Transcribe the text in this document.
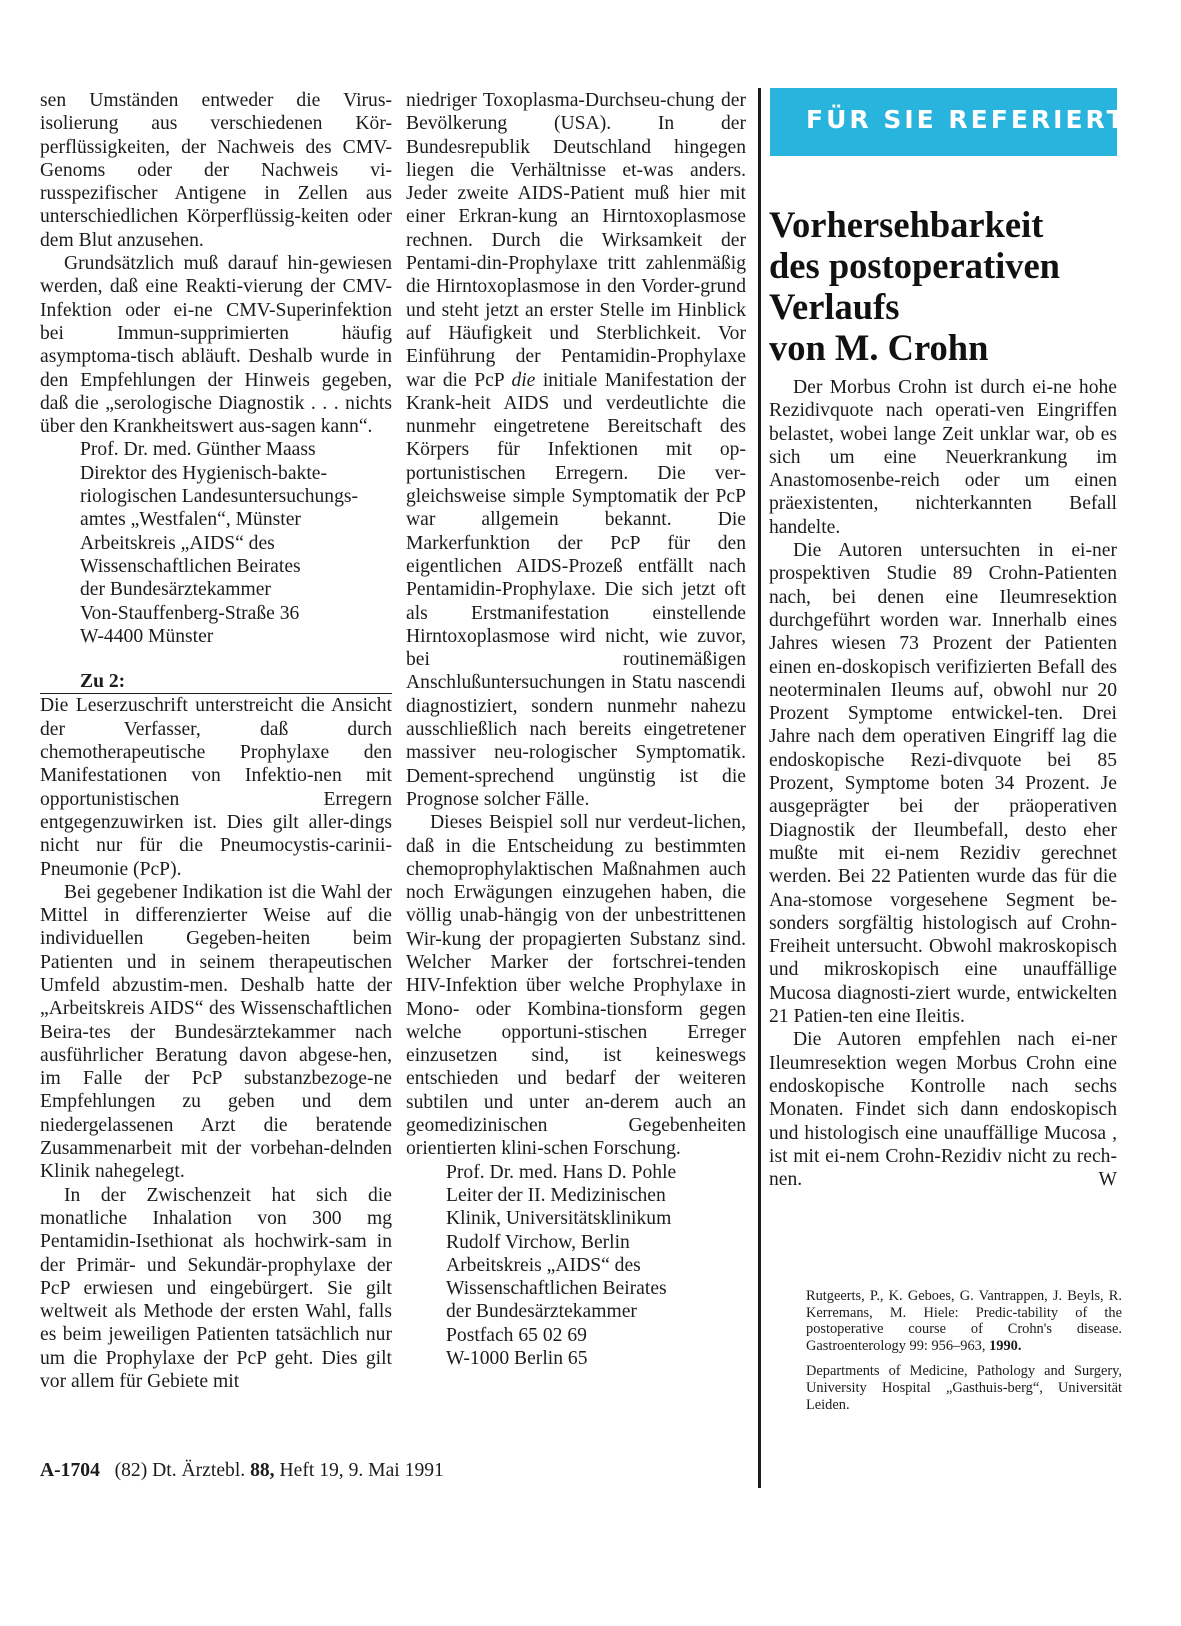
sen Umständen entweder die Virus-isolierung aus verschiedenen Kör-perflüssigkeiten, der Nachweis des CMV-Genoms oder der Nachweis vi-russpezifischer Antigene in Zellen aus unterschiedlichen Körperflüssig-keiten oder dem Blut anzusehen.

Grundsätzlich muß darauf hin-gewiesen werden, daß eine Reakti-vierung der CMV-Infektion oder ei-ne CMV-Superinfektion bei Immun-supprimierten häufig asymptoma-tisch abläuft. Deshalb wurde in den Empfehlungen der Hinweis gegeben, daß die „serologische Diagnostik . . . nichts über den Krankheitswert aus-sagen kann“.

Prof. Dr. med. Günther Maass
Direktor des Hygienisch-bakte-
riologischen Landesuntersuchungs-
amtes „Westfalen“, Münster
Arbeitskreis „AIDS“ des
Wissenschaftlichen Beirates
der Bundesärztekammer
Von-Stauffenberg-Straße 36
W-4400 Münster
Zu 2:

Die Leserzuschrift unterstreicht die Ansicht der Verfasser, daß durch chemotherapeutische Prophylaxe den Manifestationen von Infektio-nen mit opportunistischen Erregern entgegenzuwirken ist. Dies gilt aller-dings nicht nur für die Pneumocystis-carinii-Pneumonie (PcP).

Bei gegebener Indikation ist die Wahl der Mittel in differenzierter Weise auf die individuellen Gegeben-heiten beim Patienten und in seinem therapeutischen Umfeld abzustim-men. Deshalb hatte der „Arbeitskreis AIDS“ des Wissenschaftlichen Beira-tes der Bundesärztekammer nach ausführlicher Beratung davon abgese-hen, im Falle der PcP substanzbezoge-ne Empfehlungen zu geben und dem niedergelassenen Arzt die beratende Zusammenarbeit mit der vorbehan-delnden Klinik nahegelegt.

In der Zwischenzeit hat sich die monatliche Inhalation von 300 mg Pentamidin-Isethionat als hochwirk-sam in der Primär- und Sekundär-prophylaxe der PcP erwiesen und eingebürgert. Sie gilt weltweit als Methode der ersten Wahl, falls es beim jeweiligen Patienten tatsächlich nur um die Prophylaxe der PcP geht. Dies gilt vor allem für Gebiete mit

niedriger Toxoplasma-Durchseu-chung der Bevölkerung (USA). In der Bundesrepublik Deutschland hingegen liegen die Verhältnisse et-was anders. Jeder zweite AIDS-Patient muß hier mit einer Erkran-kung an Hirntoxoplasmose rechnen. Durch die Wirksamkeit der Pentami-din-Prophylaxe tritt zahlenmäßig die Hirntoxoplasmose in den Vorder-grund und steht jetzt an erster Stelle im Hinblick auf Häufigkeit und Sterblichkeit. Vor Einführung der Pentamidin-Prophylaxe war die PcP die initiale Manifestation der Krank-heit AIDS und verdeutlichte die nunmehr eingetretene Bereitschaft des Körpers für Infektionen mit op-portunistischen Erregern. Die ver-gleichsweise simple Symptomatik der PcP war allgemein bekannt. Die Markerfunktion der PcP für den eigentlichen AIDS-Prozeß entfällt nach Pentamidin-Prophylaxe. Die sich jetzt oft als Erstmanifestation einstellende Hirntoxoplasmose wird nicht, wie zuvor, bei routinemäßigen Anschlußuntersuchungen in Statu nascendi diagnostiziert, sondern nunmehr nahezu ausschließlich nach bereits eingetretener massiver neu-rologischer Symptomatik. Dement-sprechend ungünstig ist die Prognose solcher Fälle.

Dieses Beispiel soll nur verdeut-lichen, daß in die Entscheidung zu bestimmten chemoprophylaktischen Maßnahmen auch noch Erwägungen einzugehen haben, die völlig unab-hängig von der unbestrittenen Wir-kung der propagierten Substanz sind. Welcher Marker der fortschrei-tenden HIV-Infektion über welche Prophylaxe in Mono- oder Kombina-tionsform gegen welche opportuni-stischen Erreger einzusetzen sind, ist keineswegs entschieden und bedarf der weiteren subtilen und unter an-derem auch an geomedizinischen Gegebenheiten orientierten klini-schen Forschung.

Prof. Dr. med. Hans D. Pohle
Leiter der II. Medizinischen
Klinik, Universitätsklinikum
Rudolf Virchow, Berlin
Arbeitskreis „AIDS“ des
Wissenschaftlichen Beirates
der Bundesärztekammer
Postfach 65 02 69
W-1000 Berlin 65
FÜR SIE REFERIERT
Vorhersehbarkeit
des postoperativen
Verlaufs
von M. Crohn

Der Morbus Crohn ist durch ei-ne hohe Rezidivquote nach operati-ven Eingriffen belastet, wobei lange Zeit unklar war, ob es sich um eine Neuerkrankung im Anastomosenbe-reich oder um einen präexistenten, nichterkannten Befall handelte.

Die Autoren untersuchten in ei-ner prospektiven Studie 89 Crohn-Patienten nach, bei denen eine Ileumresektion durchgeführt worden war. Innerhalb eines Jahres wiesen 73 Prozent der Patienten einen en-doskopisch verifizierten Befall des neoterminalen Ileums auf, obwohl nur 20 Prozent Symptome entwickel-ten. Drei Jahre nach dem operativen Eingriff lag die endoskopische Rezi-divquote bei 85 Prozent, Symptome boten 34 Prozent. Je ausgeprägter bei der präoperativen Diagnostik der Ileumbefall, desto eher mußte mit ei-nem Rezidiv gerechnet werden. Bei 22 Patienten wurde das für die Ana-stomose vorgesehene Segment be-sonders sorgfältig histologisch auf Crohn-Freiheit untersucht. Obwohl makroskopisch und mikroskopisch eine unauffällige Mucosa diagnosti-ziert wurde, entwickelten 21 Patien-ten eine Ileitis.

Die Autoren empfehlen nach ei-ner Ileumresektion wegen Morbus Crohn eine endoskopische Kontrolle nach sechs Monaten. Findet sich dann endoskopisch und histologisch eine unauffällige Mucosa , ist mit ei-nem Crohn-Rezidiv nicht zu rech-nen.	W

Rutgeerts, P., K. Geboes, G. Vantrappen, J. Beyls, R. Kerremans, M. Hiele: Predic-tability of the postoperative course of Crohn's disease. Gastroenterology 99: 956–963, 1990.

Departments of Medicine, Pathology and Surgery, University Hospital „Gasthuis-berg“, Universität Leiden.

A-1704 (82) Dt. Ärztebl. 88, Heft 19, 9. Mai 1991
